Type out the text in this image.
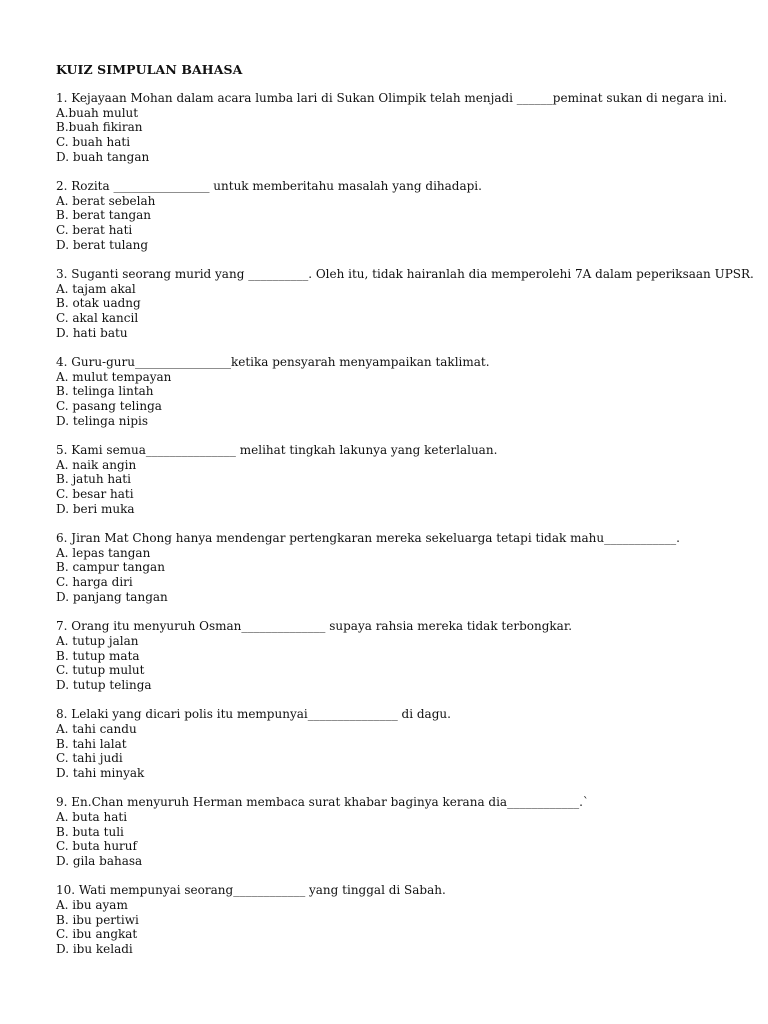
KUIZ SIMPULAN BAHASA
1. Kejayaan Mohan dalam acara lumba lari di Sukan Olimpik telah menjadi ______peminat sukan di negara ini.
A.buah mulut
B.buah fikiran
C. buah hati
D. buah tangan
2. Rozita ________________ untuk memberitahu masalah yang dihadapi.
A. berat sebelah
B. berat tangan
C. berat hati
D. berat tulang
3. Suganti seorang murid yang __________. Oleh itu, tidak hairanlah dia memperolehi 7A dalam peperiksaan UPSR.
A. tajam akal
B. otak uadng
C. akal kancil
D. hati batu
4. Guru-guru________________ketika pensyarah menyampaikan taklimat.
A. mulut tempayan
B. telinga lintah
C. pasang telinga
D. telinga nipis
5. Kami semua_______________ melihat tingkah lakunya yang keterlaluan.
A. naik angin
B. jatuh hati
C. besar hati
D. beri muka
6. Jiran Mat Chong hanya mendengar pertengkaran mereka sekeluarga tetapi tidak mahu____________.
A. lepas tangan
B. campur tangan
C. harga diri
D. panjang tangan
7. Orang itu menyuruh Osman______________ supaya rahsia mereka tidak terbongkar.
A. tutup jalan
B. tutup mata
C. tutup mulut
D. tutup telinga
8. Lelaki yang dicari polis itu mempunyai_______________ di dagu.
A. tahi candu
B. tahi lalat
C. tahi judi
D. tahi minyak
9. En.Chan menyuruh Herman membaca surat khabar baginya kerana dia____________.`
A. buta hati
B. buta tuli
C. buta huruf
D. gila bahasa
10. Wati mempunyai seorang____________ yang tinggal di Sabah.
A. ibu ayam
B. ibu pertiwi
C. ibu angkat
D. ibu keladi
